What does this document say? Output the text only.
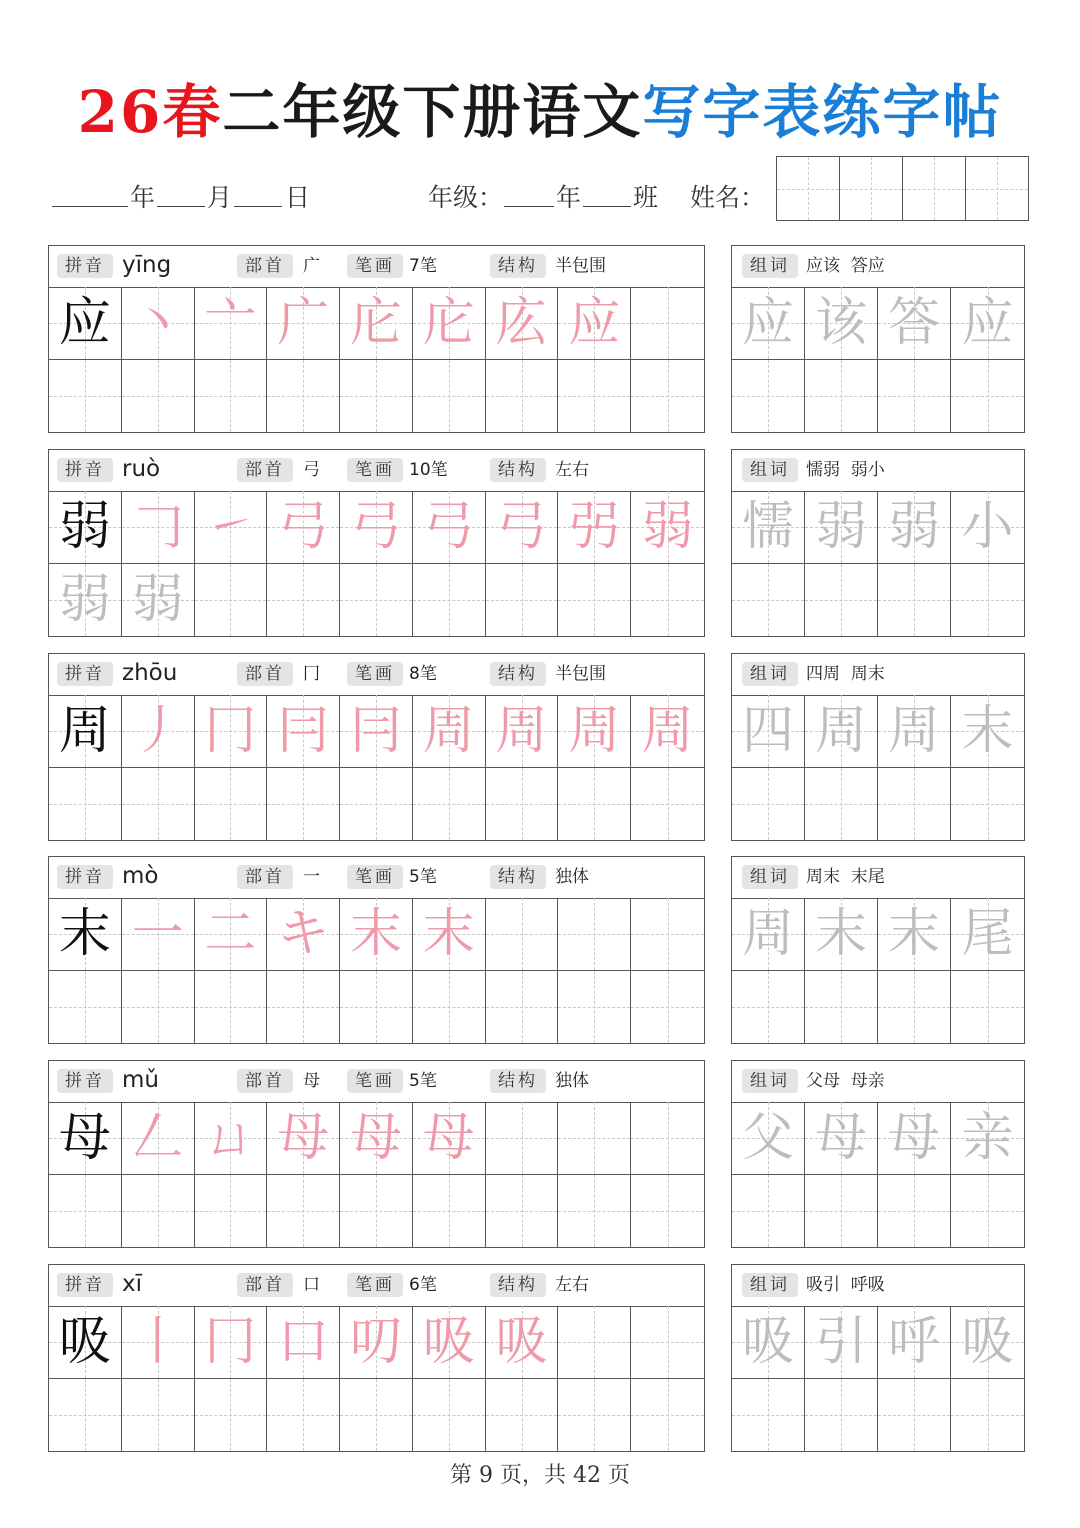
26春二年级下册语文写字表练字帖
年 月 日	年级： 年 班 姓名：
拼音 yīng	部首	广	笔画 7笔	结构	半包围
应 丶 亠 广 庀 庀 庅 应
组词 应该  答应
应 该 答 应
拼音 ruò	部首	弓	笔画 10笔	结构	左右
弱 𠃌 ㇀ 弓 弓 弓 弓 弜 弱
弱 弱
组词 懦弱  弱小
懦 弱 弱 小
拼音 zhōu	部首	冂	笔画 8笔	结构	半包围
周 丿 冂 冃 冃 周 周 周 周
组词 四周  周末
四 周 周 末
拼音 mò	部首	一	笔画 5笔	结构	独体
末 一 二 キ 末 末
组词 周末  末尾
周 末 末 尾
拼音 mǔ	部首	母	笔画 5笔	结构	独体
母 𠃋 ㄩ 母 母 母
组词 父母  母亲
父 母 母 亲
拼音 xī	部首	口	笔画 6笔	结构	左右
吸 丨 冂 口 叨 吸 吸
组词 吸引  呼吸
吸 引 呼 吸
第 9 页，共 42 页
